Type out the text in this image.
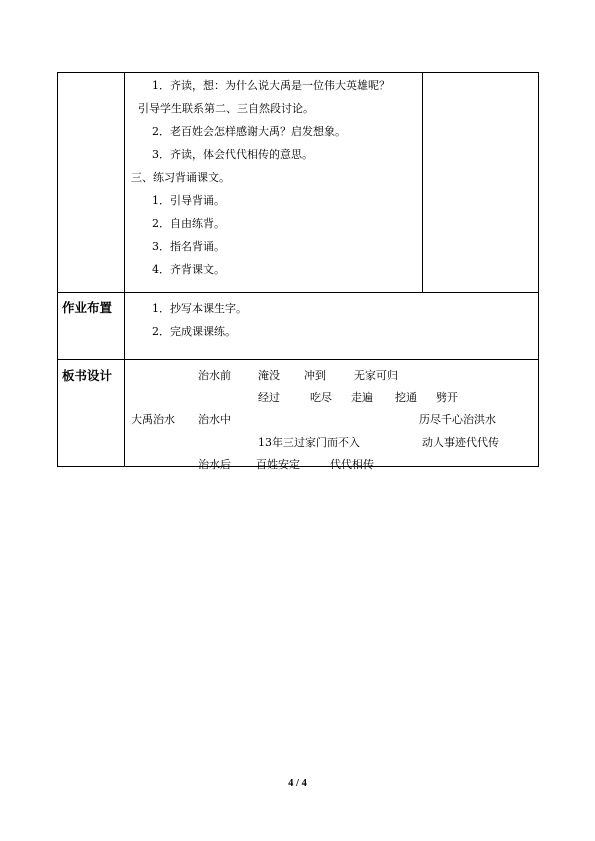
1．齐读，想：为什么说大禹是一位伟大英雄呢？
引导学生联系第二、三自然段讨论。
2．老百姓会怎样感谢大禹？启发想象。
3．齐读，体会代代相传的意思。
三、练习背诵课文。
1．引导背诵。
2．自由练背。
3．指名背诵。
4．齐背课文。
作业布置	1．抄写本课生字。
2．完成课课练。
板书设计	治水前 淹没 冲到	无家可归
经过	吃尽 走遍 挖通 劈开
大禹治水 治水中	历尽千心治洪水
13年三过家门而不入	动人事迹代代传
治水后 百姓安定	代代相传
4 / 4
